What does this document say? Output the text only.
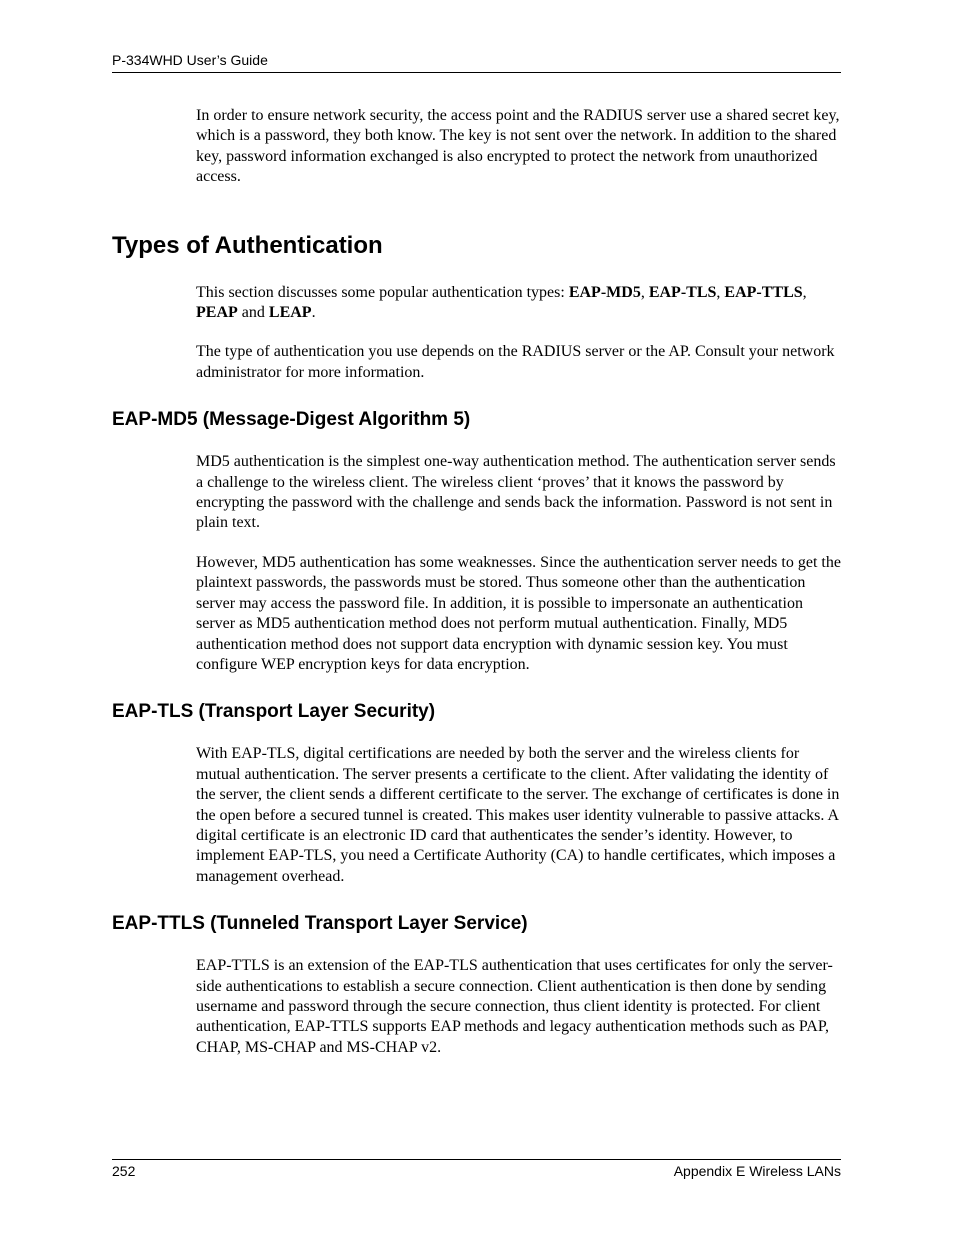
P-334WHD User’s Guide

In order to ensure network security, the access point and the RADIUS server use a shared secret key, which is a password, they both know. The key is not sent over the network. In addition to the shared key, password information exchanged is also encrypted to protect the network from unauthorized access.

Types of Authentication

This section discusses some popular authentication types: EAP-MD5, EAP-TLS, EAP-TTLS, PEAP and LEAP.

The type of authentication you use depends on the RADIUS server or the AP. Consult your network administrator for more information.

EAP-MD5 (Message-Digest Algorithm 5)

MD5 authentication is the simplest one-way authentication method. The authentication server sends a challenge to the wireless client. The wireless client ‘proves’ that it knows the password by encrypting the password with the challenge and sends back the information. Password is not sent in plain text.

However, MD5 authentication has some weaknesses. Since the authentication server needs to get the plaintext passwords, the passwords must be stored. Thus someone other than the authentication server may access the password file. In addition, it is possible to impersonate an authentication server as MD5 authentication method does not perform mutual authentication. Finally, MD5 authentication method does not support data encryption with dynamic session key. You must configure WEP encryption keys for data encryption.

EAP-TLS (Transport Layer Security)

With EAP-TLS, digital certifications are needed by both the server and the wireless clients for mutual authentication. The server presents a certificate to the client. After validating the identity of the server, the client sends a different certificate to the server. The exchange of certificates is done in the open before a secured tunnel is created. This makes user identity vulnerable to passive attacks. A digital certificate is an electronic ID card that authenticates the sender’s identity. However, to implement EAP-TLS, you need a Certificate Authority (CA) to handle certificates, which imposes a management overhead.

EAP-TTLS (Tunneled Transport Layer Service)

EAP-TTLS is an extension of the EAP-TLS authentication that uses certificates for only the server-side authentications to establish a secure connection. Client authentication is then done by sending username and password through the secure connection, thus client identity is protected. For client authentication, EAP-TTLS supports EAP methods and legacy authentication methods such as PAP, CHAP, MS-CHAP and MS-CHAP v2.

252	Appendix E Wireless LANs
